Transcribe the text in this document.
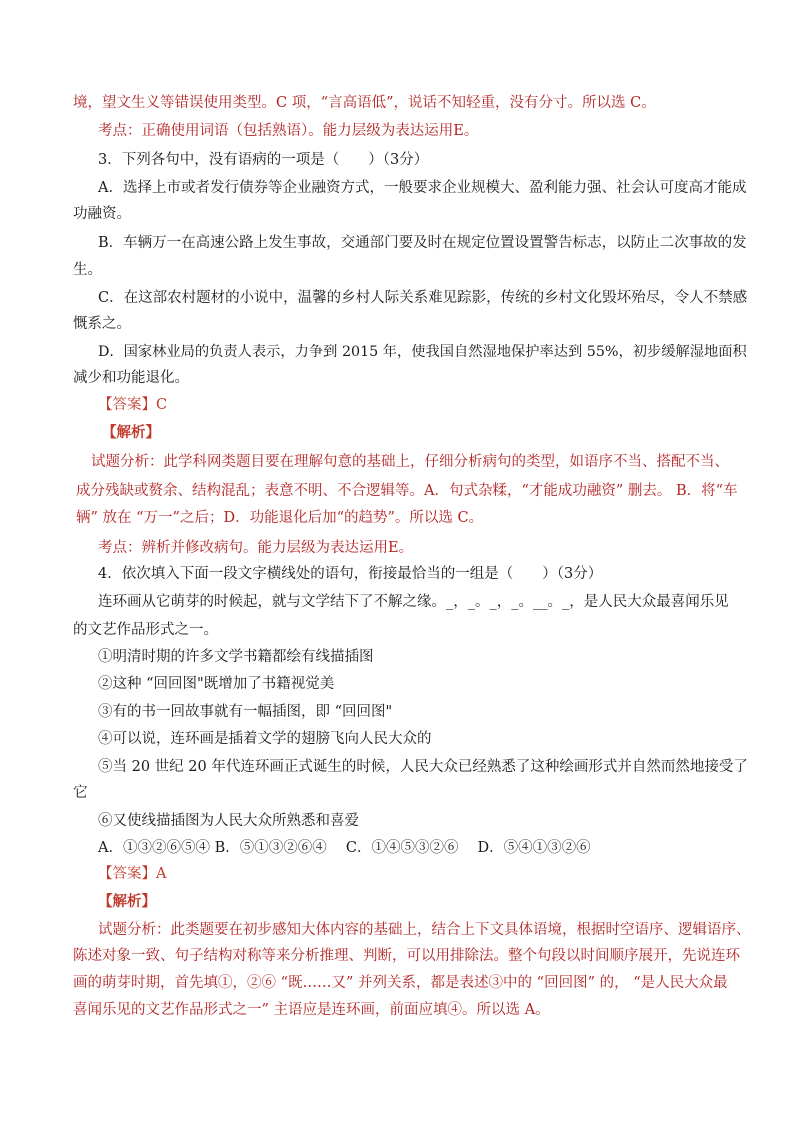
境，望文生义等错误使用类型。C 项，“言高语低”，说话不知轻重，没有分寸。所以选 C。
考点：正确使用词语（包括熟语）。能力层级为表达运用E。
3．下列各句中，没有语病的一项是（　　）（3分）
A．选择上市或者发行债券等企业融资方式，一般要求企业规模大、盈利能力强、社会认可度高才能成
功融资。
B．车辆万一在高速公路上发生事故，交通部门要及时在规定位置设置警告标志，以防止二次事故的发
生。
C．在这部农村题材的小说中，温馨的乡村人际关系难见踪影，传统的乡村文化毁坏殆尽，令人不禁感
慨系之。
D．国家林业局的负责人表示，力争到 2015 年，使我国自然湿地保护率达到 55%，初步缓解湿地面积
减少和功能退化。
【答案】C
【解析】
试题分析：此学科网类题目要在理解句意的基础上，仔细分析病句的类型，如语序不当、搭配不当、
成分残缺或赘余、结构混乱；表意不明、不合逻辑等。A．句式杂糅，“才能成功融资” 删去。 B．将“车
辆” 放在 “万一”之后；D．功能退化后加“的趋势”。所以选 C。
考点：辨析并修改病句。能力层级为表达运用E。
4．依次填入下面一段文字横线处的语句，衔接最恰当的一组是（　　）（3分）
连环画从它萌芽的时候起，就与文学结下了不解之缘。_，_。_，_。__。_，是人民大众最喜闻乐见
的文艺作品形式之一。
①明清时期的许多文学书籍都绘有线描插图
②这种 “回回图"既增加了书籍视觉美
③有的书一回故事就有一幅插图，即 “回回图"
④可以说，连环画是插着文学的翅膀飞向人民大众的
⑤当 20 世纪 20 年代连环画正式诞生的时候，人民大众已经熟悉了这种绘画形式并自然而然地接受了
它
⑥又使线描插图为人民大众所熟悉和喜爱
A．①③②⑥⑤④ B．⑤①③②⑥④　 C．①④⑤③②⑥　 D．⑤④①③②⑥
【答案】A
【解析】
试题分析：此类题要在初步感知大体内容的基础上，结合上下文具体语境，根据时空语序、逻辑语序、
陈述对象一致、句子结构对称等来分析推理、判断，可以用排除法。整个句段以时间顺序展开，先说连环
画的萌芽时期，首先填①，②⑥ “既……又” 并列关系，都是表述③中的 “回回图” 的， “是人民大众最
喜闻乐见的文艺作品形式之一” 主语应是连环画，前面应填④。所以选 A。
